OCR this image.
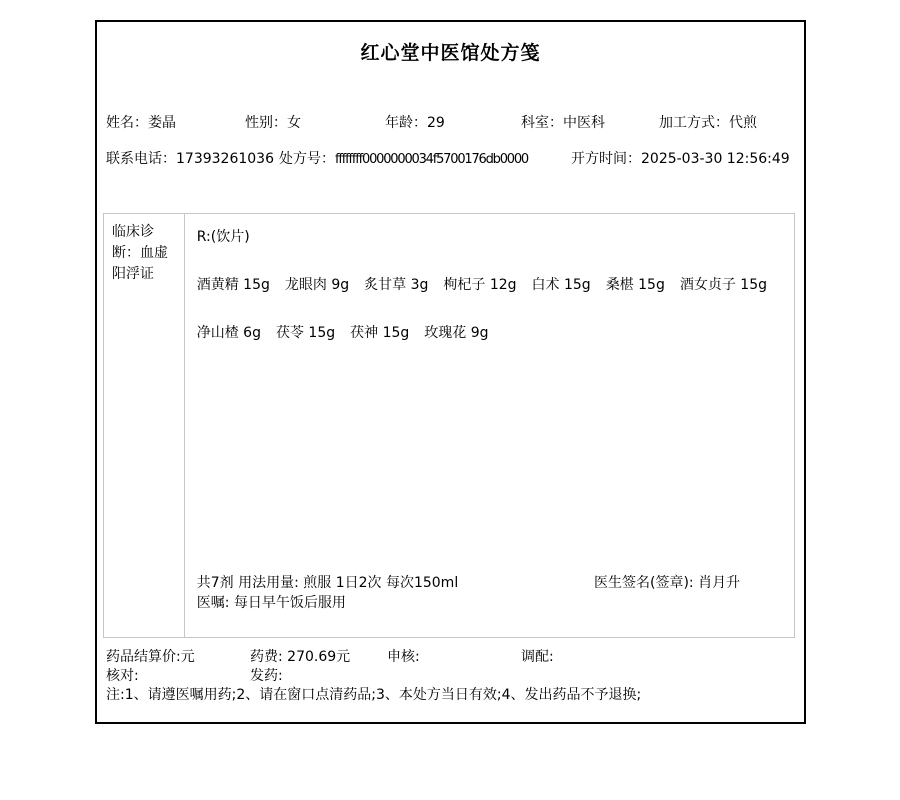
红心堂中医馆处方笺
姓名：娄晶	性别：女	年龄：29	科室：中医科	加工方式：代煎
联系电话：17393261036 处方号：ffffffff0000000034f5700176db0000	开方时间：2025-03-30 12:56:49
临床诊断：血虚阳浮证
R:(饮片)
酒黄精 15g 龙眼肉 9g 炙甘草 3g 枸杞子 12g 白术 15g 桑椹 15g 酒女贞子 15g
净山楂 6g 茯苓 15g 茯神 15g 玫瑰花 9g
共7剂 用法用量: 煎服 1日2次 每次150ml
医嘱: 每日早午饭后服用
医生签名(签章): 肖月升
药品结算价:元	药费: 270.69元	申核:	调配:
核对:	发药:
注:1、请遵医嘱用药;2、请在窗口点清药品;3、本处方当日有效;4、发出药品不予退换;
